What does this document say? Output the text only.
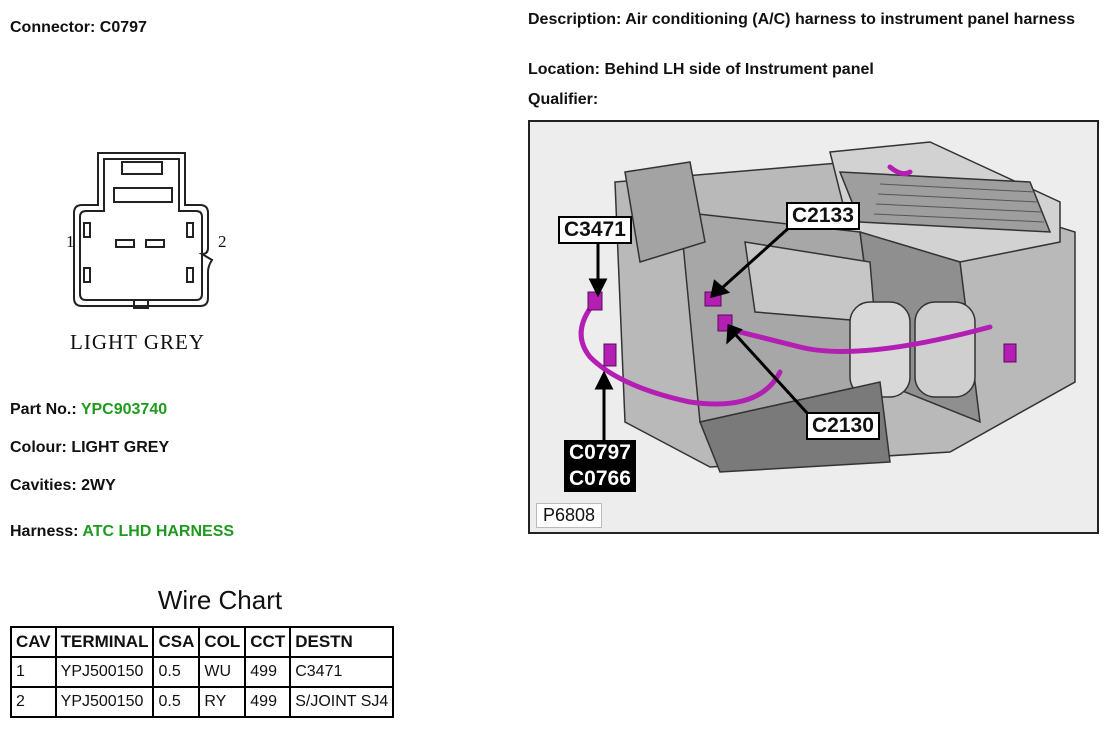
Connector: C0797
1	2
LIGHT GREY
Part No.: YPC903740
Colour: LIGHT GREY
Cavities: 2WY
Harness: ATC LHD HARNESS
Wire Chart
CAV	TERMINAL	CSA	COL	CCT	DESTN
1	YPJ500150	0.5	WU	499	C3471
2	YPJ500150	0.5	RY	499	S/JOINT SJ4
Description: Air conditioning (A/C) harness to instrument panel harness
Location: Behind LH side of Instrument panel
Qualifier:
C3471
C2133
C2130
C0797
C0766
P6808
